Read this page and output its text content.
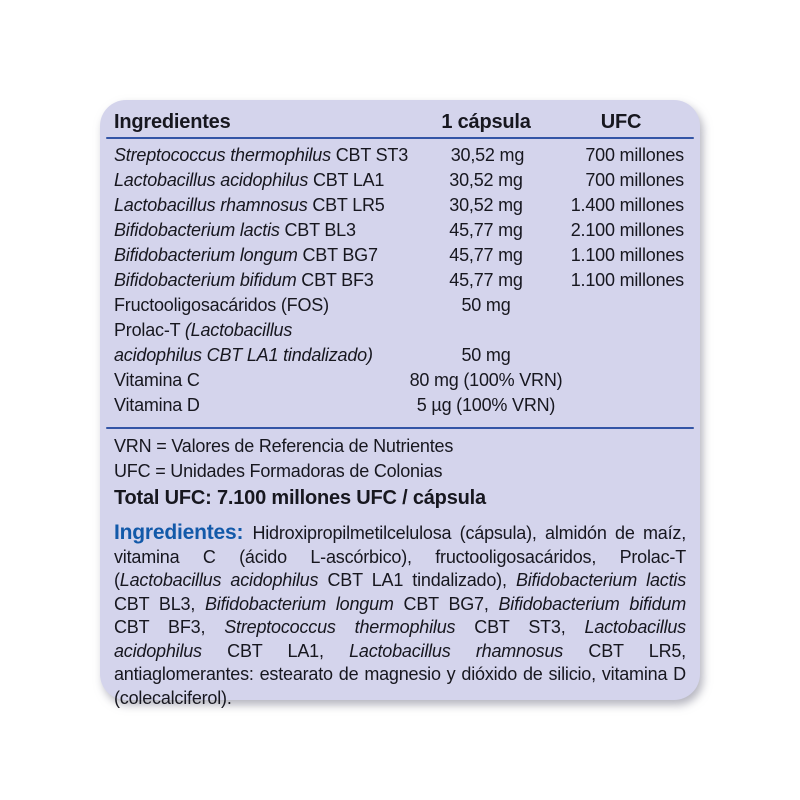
Ingredientes	1 cápsula	UFC
Streptococcus thermophilus CBT ST3	30,52 mg	700 millones
Lactobacillus acidophilus CBT LA1	30,52 mg	700 millones
Lactobacillus rhamnosus CBT LR5	30,52 mg	1.400 millones
Bifidobacterium lactis CBT BL3	45,77 mg	2.100 millones
Bifidobacterium longum CBT BG7	45,77 mg	1.100 millones
Bifidobacterium bifidum CBT BF3	45,77 mg	1.100 millones
Fructooligosacáridos (FOS)	50 mg
Prolac-T (Lactobacillus
acidophilus CBT LA1 tindalizado)	50 mg
Vitamina C	80 mg (100% VRN)
Vitamina D	5 µg (100% VRN)
VRN = Valores de Referencia de Nutrientes
UFC = Unidades Formadoras de Colonias
Total UFC: 7.100 millones UFC / cápsula

Ingredientes: Hidroxipropilmetilcelulosa (cápsula), almidón de maíz, vitamina C (ácido L-ascórbico), fructooligosacáridos, Prolac-T (Lactobacillus acidophilus CBT LA1 tindalizado), Bifidobacterium lactis CBT BL3, Bifidobacterium longum CBT BG7, Bifidobacterium bifidum CBT BF3, Streptococcus thermophilus CBT ST3, Lactobacillus acidophilus CBT LA1, Lactobacillus rhamnosus CBT LR5, antiaglomerantes: estearato de magnesio y dióxido de silicio, vitamina D (colecalciferol).
